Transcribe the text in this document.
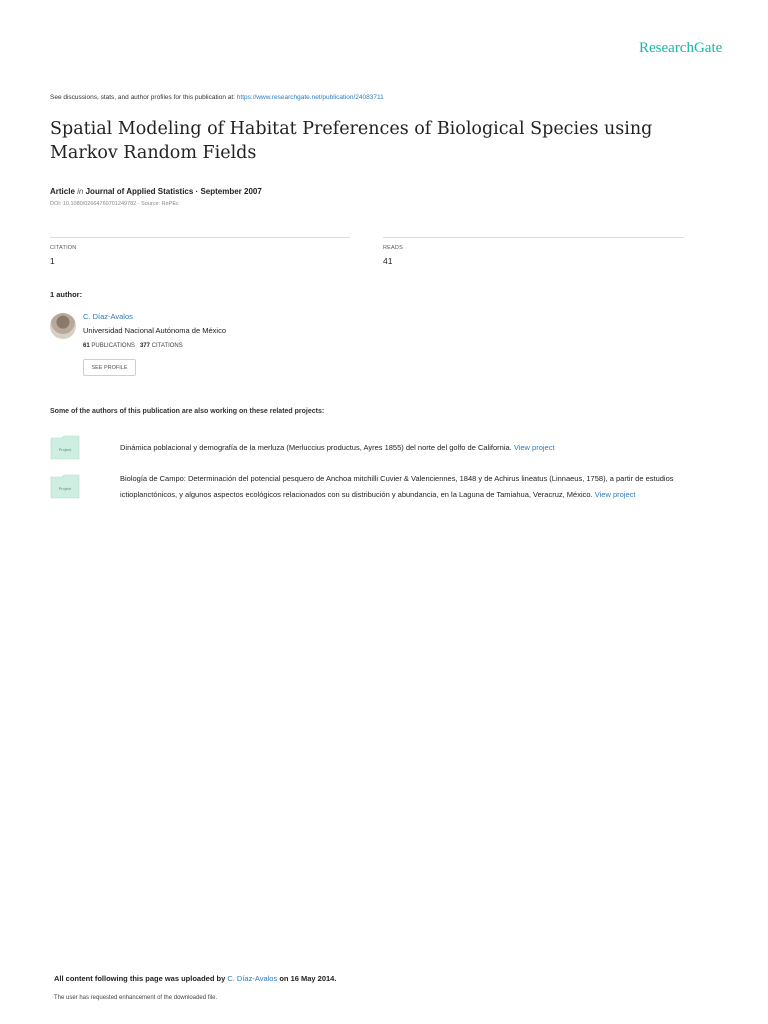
ResearchGate
See discussions, stats, and author profiles for this publication at: https://www.researchgate.net/publication/24083711
Spatial Modeling of Habitat Preferences of Biological Species using Markov Random Fields
Article in Journal of Applied Statistics · September 2007
DOI: 10.1080/02664760701249782 · Source: RePEc
CITATION
1
READS
41
1 author:
C. Díaz-Avalos
Universidad Nacional Autónoma de México
61 PUBLICATIONS 377 CITATIONS
SEE PROFILE
Some of the authors of this publication are also working on these related projects:
Project	Dinámica poblacional y demografía de la merluza (Merluccius productus, Ayres 1855) del norte del golfo de California. View project
Project
Biología de Campo: Determinación del potencial pesquero de Anchoa mitchilli Cuvier & Valenciennes, 1848 y de Achirus lineatus (Linnaeus, 1758), a partir de estudios ictioplanctónicos, y algunos aspectos ecológicos relacionados con su distribución y abundancia, en la Laguna de Tamiahua, Veracruz, México. View project
All content following this page was uploaded by C. Díaz-Avalos on 16 May 2014.
The user has requested enhancement of the downloaded file.
